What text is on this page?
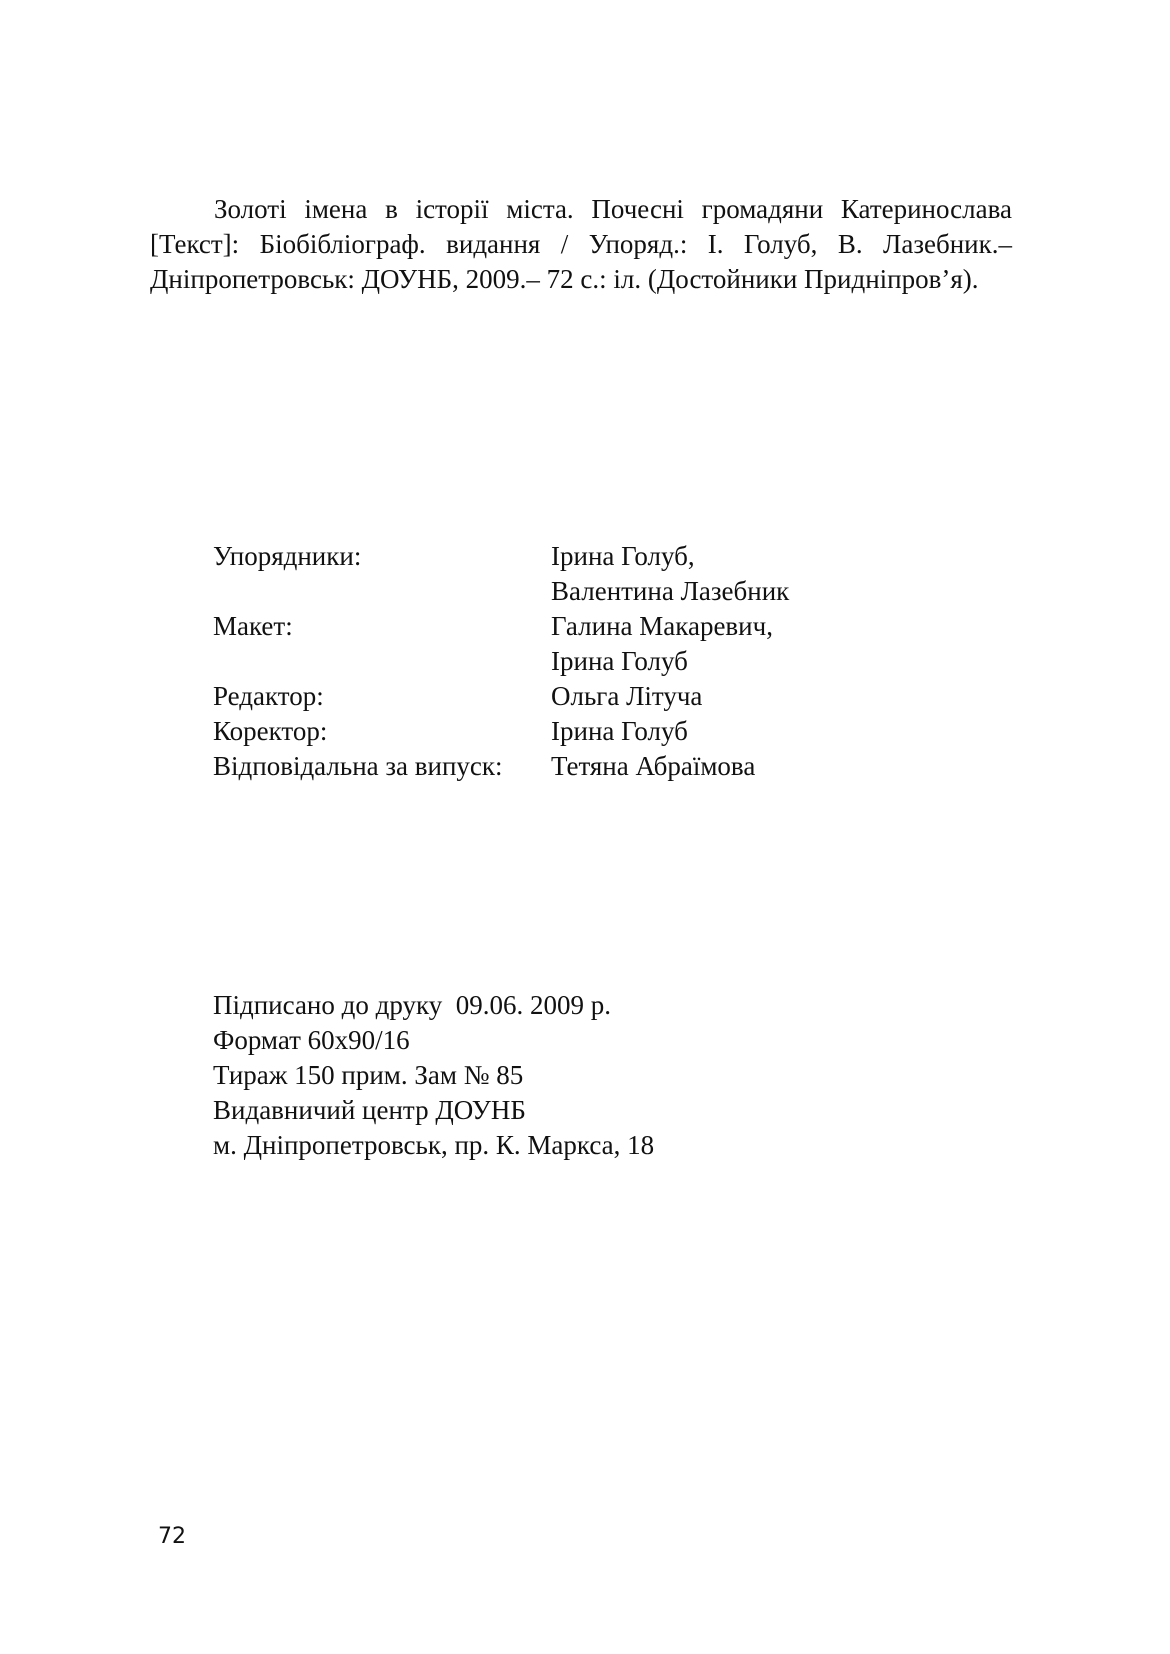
Золоті імена в історії міста. Почесні громадяни Катеринослава [Текст]: Біобібліограф. видання / Упоряд.: І. Голуб, В. Лазебник.– Дніпропетровськ: ДОУНБ, 2009.– 72 с.: іл. (Достойники Придніпров’я).

Упорядники:	Ірина Голуб,
Валентина Лазебник
Макет:	Галина Макаревич,
Ірина Голуб
Редактор:	Ольга Літуча
Коректор:	Ірина Голуб
Відповідальна за випуск:	Тетяна Абраїмова
Підписано до друку  09.06. 2009 р.
Формат 60х90/16
Тираж 150 прим. Зам № 85
Видавничий центр ДОУНБ
м. Дніпропетровськ, пр. К. Маркса, 18
72
